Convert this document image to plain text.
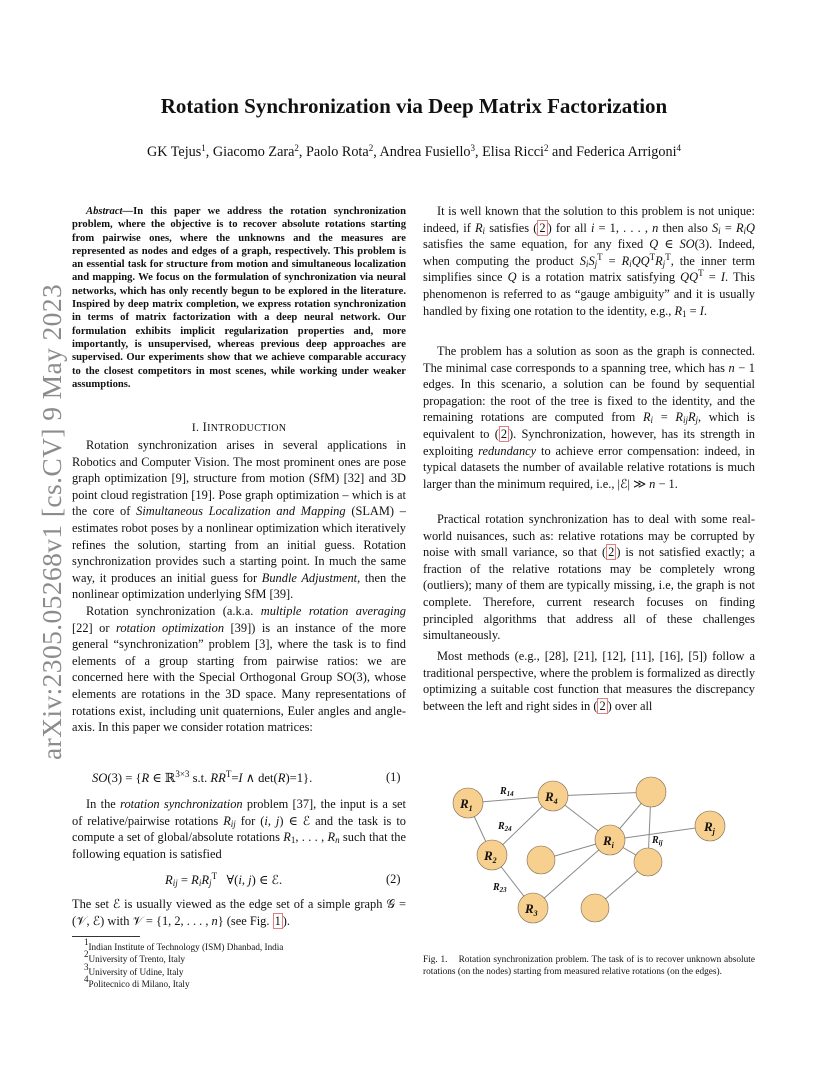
arXiv:2305.05268v1 [cs.CV] 9 May 2023
Rotation Synchronization via Deep Matrix Factorization
GK Tejus$^1$, Giacomo Zara$^2$, Paolo Rota$^2$, Andrea Fusiello$^3$, Elisa Ricci$^2$ and Federica Arrigoni$^4$
Abstract—In this paper we address the rotation synchronization problem, where the objective is to recover absolute rotations starting from pairwise ones, where the unknowns and the measures are represented as nodes and edges of a graph, respectively. This problem is an essential task for structure from motion and simultaneous localization and mapping. We focus on the formulation of synchronization via neural networks, which has only recently begun to be explored in the literature. Inspired by deep matrix completion, we express rotation synchronization in terms of matrix factorization with a deep neural network. Our formulation exhibits implicit regularization properties and, more importantly, is unsupervised, whereas previous deep approaches are supervised. Our experiments show that we achieve comparable accuracy to the closest competitors in most scenes, while working under weaker assumptions.
I. IINTRODUCTION

Rotation synchronization arises in several applications in Robotics and Computer Vision. The most prominent ones are pose graph optimization [9], structure from motion (SfM) [32] and 3D point cloud registration [19]. Pose graph optimization – which is at the core of Simultaneous Localization and Mapping (SLAM) – estimates robot poses by a nonlinear optimization which iteratively refines the solution, starting from an initial guess. Rotation synchronization provides such a starting point. In much the same way, it produces an initial guess for Bundle Adjustment, then the nonlinear optimization underlying SfM [39].

Rotation synchronization (a.k.a. multiple rotation averaging [22] or rotation optimization [39]) is an instance of the more general “synchronization” problem [3], where the task is to find elements of a group starting from pairwise ratios: we are concerned here with the Special Orthogonal Group SO(3), whose elements are rotations in the 3D space. Many representations of rotations exist, including unit quaternions, Euler angles and angle-axis. In this paper we consider rotation matrices:

SO(3) = {R ∈ ℝ$^{3\times 3}$ s.t. $RR^T=I$ ∧ det(R)=1}.	(1)

In the rotation synchronization problem [37], the input is a set of relative/pairwise rotations $R_{ij}$ for (i, j) ∈ ℰ and the task is to compute a set of global/absolute rotations $R_1$, . . . , $R_n$ such that the following equation is satisfied

$R_{ij} = R_iR_j^T$   ∀(i, j) ∈ ℰ.	(2)

The set ℰ is usually viewed as the edge set of a simple graph 𝒢 = (𝒱, ℰ) with 𝒱 = {1, 2, . . . , n} (see Fig. 1 ).

$^1$Indian Institute of Technology (ISM) Dhanbad, India
$^2$University of Trento, Italy
$^3$University of Udine, Italy
$^4$Politecnico di Milano, Italy

It is well known that the solution to this problem is not unique: indeed, if $R_i$ satisfies ( 2 ) for all i = 1, . . . , n then also $S_i = R_iQ$ satisfies the same equation, for any fixed Q ∈ SO(3). Indeed, when computing the product $S_iS_j^T = R_iQQ^TR_j^T$, the inner term simplifies since Q is a rotation matrix satisfying $QQ^T = I$. This phenomenon is referred to as “gauge ambiguity” and it is usually handled by fixing one rotation to the identity, e.g., $R_1 = I$.

The problem has a solution as soon as the graph is connected. The minimal case corresponds to a spanning tree, which has n − 1 edges. In this scenario, a solution can be found by sequential propagation: the root of the tree is fixed to the identity, and the remaining rotations are computed from $R_i = R_{ij}R_j$, which is equivalent to ( 2 ). Synchronization, however, has its strength in exploiting redundancy to achieve error compensation: indeed, in typical datasets the number of available relative rotations is much larger than the minimum required, i.e., |ℰ| ≫ n − 1.

Practical rotation synchronization has to deal with some real-world nuisances, such as: relative rotations may be corrupted by noise with small variance, so that ( 2 ) is not satisfied exactly; a fraction of the relative rotations may be completely wrong (outliers); many of them are typically missing, i.e, the graph is not complete. Therefore, current research focuses on finding principled algorithms that address all of these challenges simultaneously.

Most methods (e.g., [28], [21], [12], [11], [16], [5]) follow a traditional perspective, where the problem is formalized as directly optimizing a suitable cost function that measures the discrepancy between the left and right sides in ( 2 ) over all

$R_1$
$R_4$
$R_2$
$R_i$
$R_j$
$R_3$
$R_{14}$
$R_{24}$
$R_{ij}$
$R_{23}$
Fig. 1. Rotation synchronization problem. The task of is to recover unknown absolute rotations (on the nodes) starting from measured relative rotations (on the edges).
